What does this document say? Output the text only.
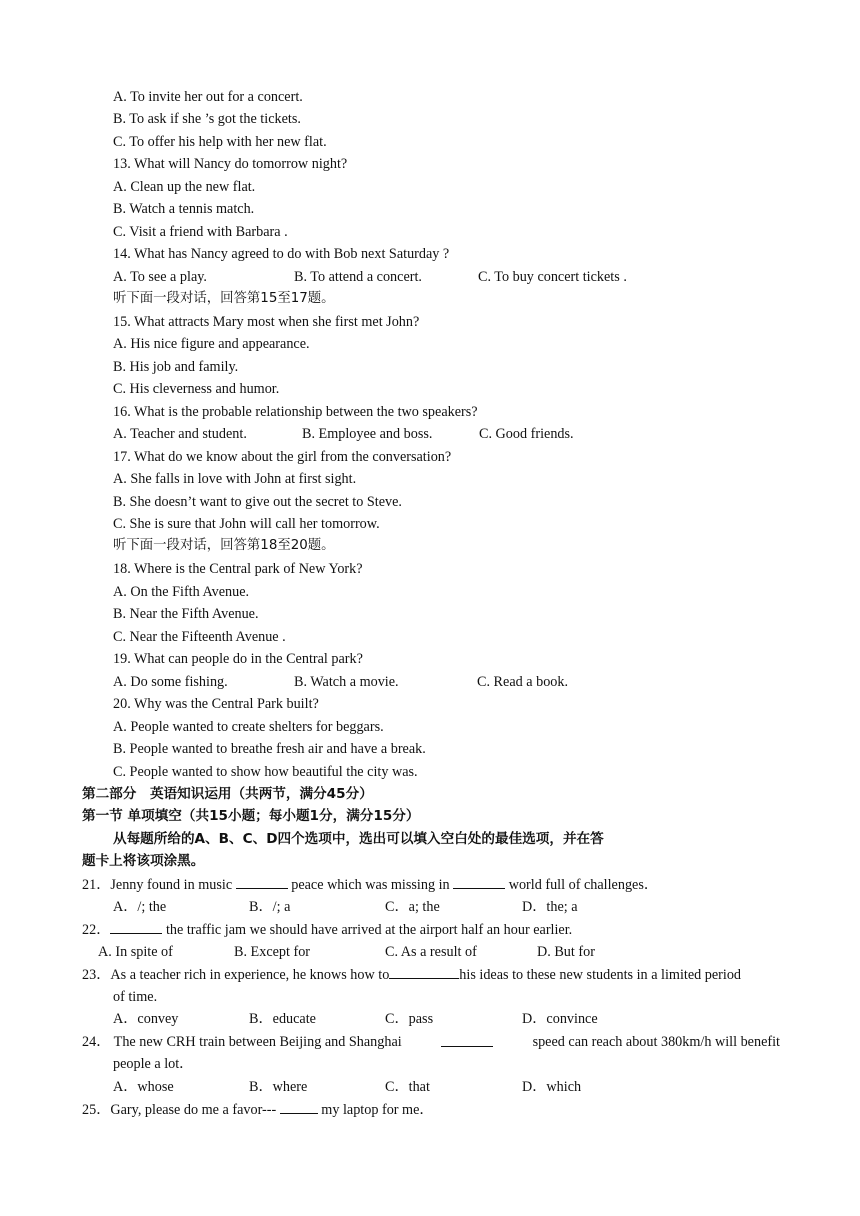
A. To invite her out for a concert.
B. To ask if she ’s got the tickets.
C. To offer his help with her new flat.
13. What will Nancy do tomorrow night?
A. Clean up the new flat.
B. Watch a tennis match.
C. Visit a friend with Barbara .
14. What has Nancy agreed to do with Bob next Saturday ?
A. To see a play.	B. To attend a concert.	C. To buy concert tickets .
听下面一段对话，回答第15至17题。
15. What attracts Mary most when she first met John?
A. His nice figure and appearance.
B. His job and family.
C. His cleverness and humor.
16. What is the probable relationship between the two speakers?
A. Teacher and student.	B. Employee and boss.	C. Good friends.
17. What do we know about the girl from the conversation?
A. She falls in love with John at first sight.
B. She doesn’t want to give out the secret to Steve.
C. She is sure that John will call her tomorrow.
听下面一段对话，回答第18至20题。
18. Where is the Central park of New York?
A. On the Fifth Avenue.
B. Near the Fifth Avenue.
C. Near the Fifteenth Avenue .
19. What can people do in the Central park?
A. Do some fishing.	B. Watch a movie.	C. Read a book.
20. Why was the Central Park built?
A. People wanted to create shelters for beggars.
B. People wanted to breathe fresh air and have a break.
C. People wanted to show how beautiful the city was.
第二部分　英语知识运用（共两节，满分45分）
第一节 单项填空（共15小题；每小题1分，满分15分）
从每题所给的A、B、C、D四个选项中，选出可以填入空白处的最佳选项，并在答
题卡上将该项涂黑。
21．Jenny found in music	peace which was missing in	world full of challenges．
A．/; the	B．/; a	C．a; the	D．the; a
22．	the traffic jam we should have arrived at the airport half an hour earlier.
A. In spite of	B. Except for	C. As a result of	D. But for
23．As a teacher rich in experience, he knows how to	his ideas to these new students in a limited period
of time.
A．convey	B．educate	C．pass	D．convince
24． The new CRH train between Beijing and Shanghai	speed can reach about 380km/h will benefit
people a lot．
A．whose	B．where	C．that	D．which
25．Gary, please do me a favor---	my laptop for me．
